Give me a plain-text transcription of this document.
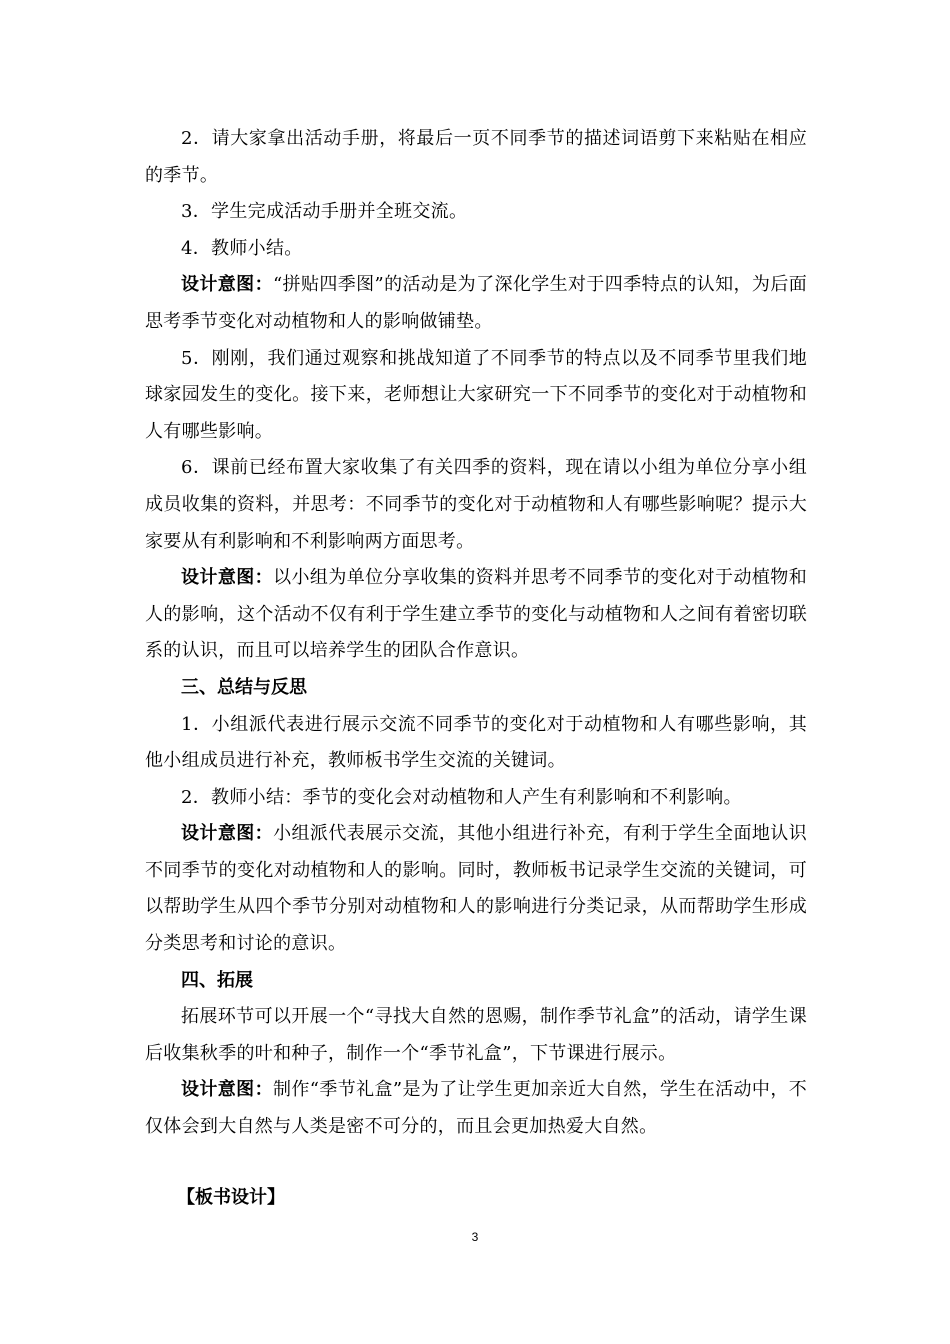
2．请大家拿出活动手册，将最后一页不同季节的描述词语剪下来粘贴在相应的季节。

3．学生完成活动手册并全班交流。

4．教师小结。

设计意图：“拼贴四季图”的活动是为了深化学生对于四季特点的认知，为后面思考季节变化对动植物和人的影响做铺垫。

5．刚刚，我们通过观察和挑战知道了不同季节的特点以及不同季节里我们地球家园发生的变化。接下来，老师想让大家研究一下不同季节的变化对于动植物和人有哪些影响。

6．课前已经布置大家收集了有关四季的资料，现在请以小组为单位分享小组成员收集的资料，并思考：不同季节的变化对于动植物和人有哪些影响呢？提示大家要从有利影响和不利影响两方面思考。

设计意图：以小组为单位分享收集的资料并思考不同季节的变化对于动植物和人的影响，这个活动不仅有利于学生建立季节的变化与动植物和人之间有着密切联系的认识，而且可以培养学生的团队合作意识。

三、总结与反思

1．小组派代表进行展示交流不同季节的变化对于动植物和人有哪些影响，其他小组成员进行补充，教师板书学生交流的关键词。

2．教师小结：季节的变化会对动植物和人产生有利影响和不利影响。

设计意图：小组派代表展示交流，其他小组进行补充，有利于学生全面地认识不同季节的变化对动植物和人的影响。同时，教师板书记录学生交流的关键词，可以帮助学生从四个季节分别对动植物和人的影响进行分类记录，从而帮助学生形成分类思考和讨论的意识。

四、拓展

拓展环节可以开展一个“寻找大自然的恩赐，制作季节礼盒”的活动，请学生课后收集秋季的叶和种子，制作一个“季节礼盒”，下节课进行展示。

设计意图：制作“季节礼盒”是为了让学生更加亲近大自然，学生在活动中，不仅体会到大自然与人类是密不可分的，而且会更加热爱大自然。

【板书设计】
3
